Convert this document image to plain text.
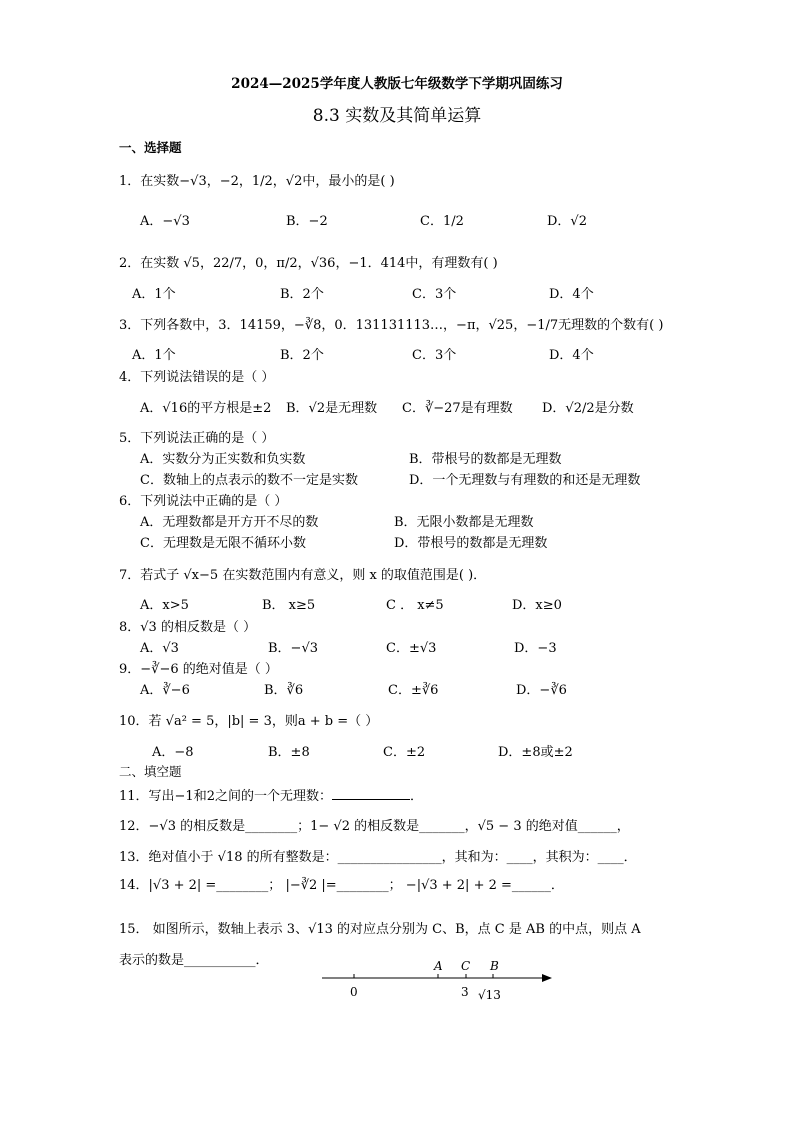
2024—2025学年度人教版七年级数学下学期巩固练习
8.3 实数及其简单运算
一、选择题
1．在实数−√3，−2，1/2，√2中，最小的是( )
A．−√3	B．−2	C．1/2	D．√2
2．在实数 √5，22/7，0，π/2，√36，−1．414中，有理数有( )
A．1个	B．2个	C．3个	D．4个
3．下列各数中，3．14159，−∛8，0．131131113…，−π，√25，−1/7无理数的个数有( )
A．1个	B．2个	C．3个	D．4个
4．下列说法错误的是（ ）
A．√16的平方根是±2 B．√2是无理数 C．∛−27是有理数 D．√2/2是分数
5．下列说法正确的是（ ）
A．实数分为正实数和负实数	B．带根号的数都是无理数
C．数轴上的点表示的数不一定是实数	D．一个无理数与有理数的和还是无理数
6．下列说法中正确的是（ ）
A．无理数都是开方开不尽的数	B．无限小数都是无理数
C．无理数是无限不循环小数	D．带根号的数都是无理数
7．若式子 √x−5 在实数范围内有意义，则 x 的取值范围是( )．
A．x>5	B． x≥5	C ． x≠5	D．x≥0
8．√3 的相反数是（ ）
A．√3	B．−√3	C．±√3	D．−3
9．−∛−6 的绝对值是（ ）
A．∛−6	B．∛6	C．±∛6	D．−∛6
10．若 √a² = 5，|b| = 3，则a + b =（ ）
A．−8	B．±8	C．±2	D．±8或±2
二、填空题
11．写出−1和2之间的一个无理数：	．
12．−√3 的相反数是________；1− √2 的相反数是_______，√5 − 3 的绝对值______，
13．绝对值小于 √18 的所有整数是：________________，其和为：____，其积为：____．
14．|√3 + 2| =________； |−∛2 |=________； −|√3 + 2| + 2 =______．
15． 如图所示，数轴上表示 3、√13 的对应点分别为 C、B，点 C 是 AB 的中点，则点 A
表示的数是___________．	A C B
0	3 √13
